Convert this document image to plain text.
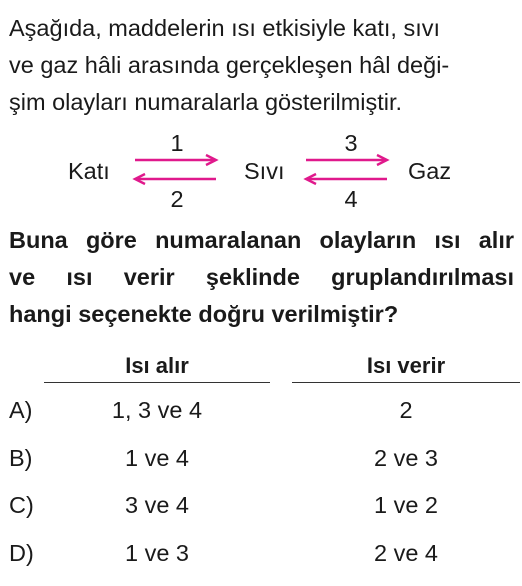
Aşağıda, maddelerin ısı etkisiyle katı, sıvı
ve gaz hâli arasında gerçekleşen hâl deği-
şim olayları numaralarla gösterilmiştir.
Katı	Sıvı	Gaz
1
2
3
4
Buna göre numaralanan olayların ısı alır
ve ısı verir şeklinde gruplandırılması
hangi seçenekte doğru verilmiştir?
Isı alır	Isı verir
A)	1, 3 ve 4	2
B)	1 ve 4	2 ve 3
C)	3 ve 4	1 ve 2
D)	1 ve 3	2 ve 4
